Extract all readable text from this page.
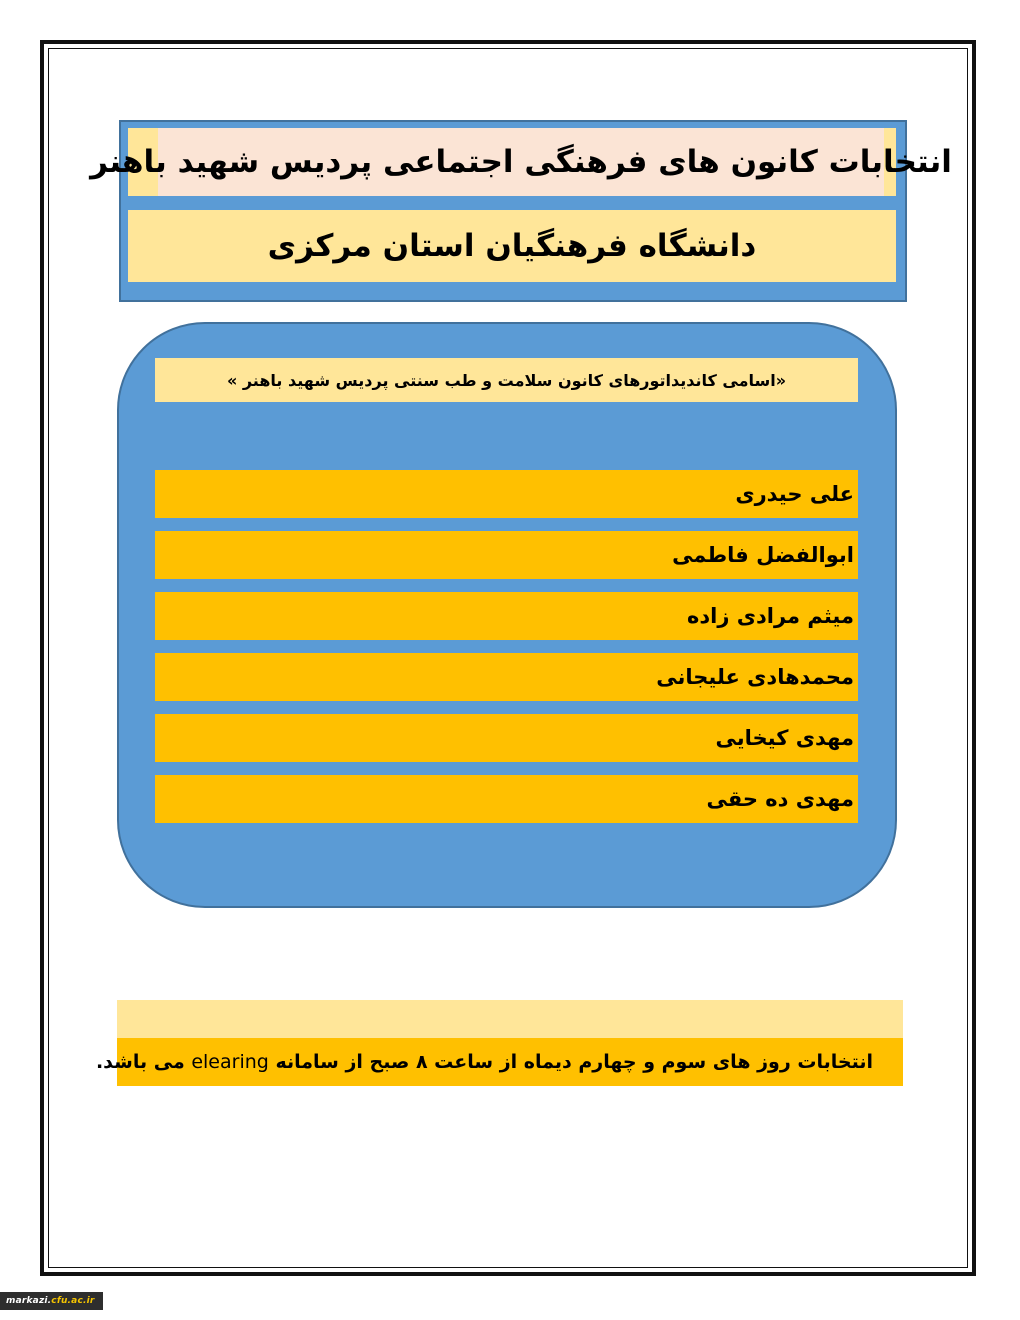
انتخابات کانون های فرهنگی اجتماعی پردیس شهید باهنر
دانشگاه فرهنگیان استان مرکزی
«اسامی کاندیداتورهای کانون سلامت و طب سنتی پردیس شهید باهنر »
علی حیدری
ابوالفضل فاطمی
میثم مرادی زاده
محمدهادی علیجانی
مهدی کیخایی
مهدی ده حقی
انتخابات روز های سوم و چهارم دیماه از ساعت ۸ صبح از سامانه

elearing

می باشد.
markazi. cfu.ac.ir
